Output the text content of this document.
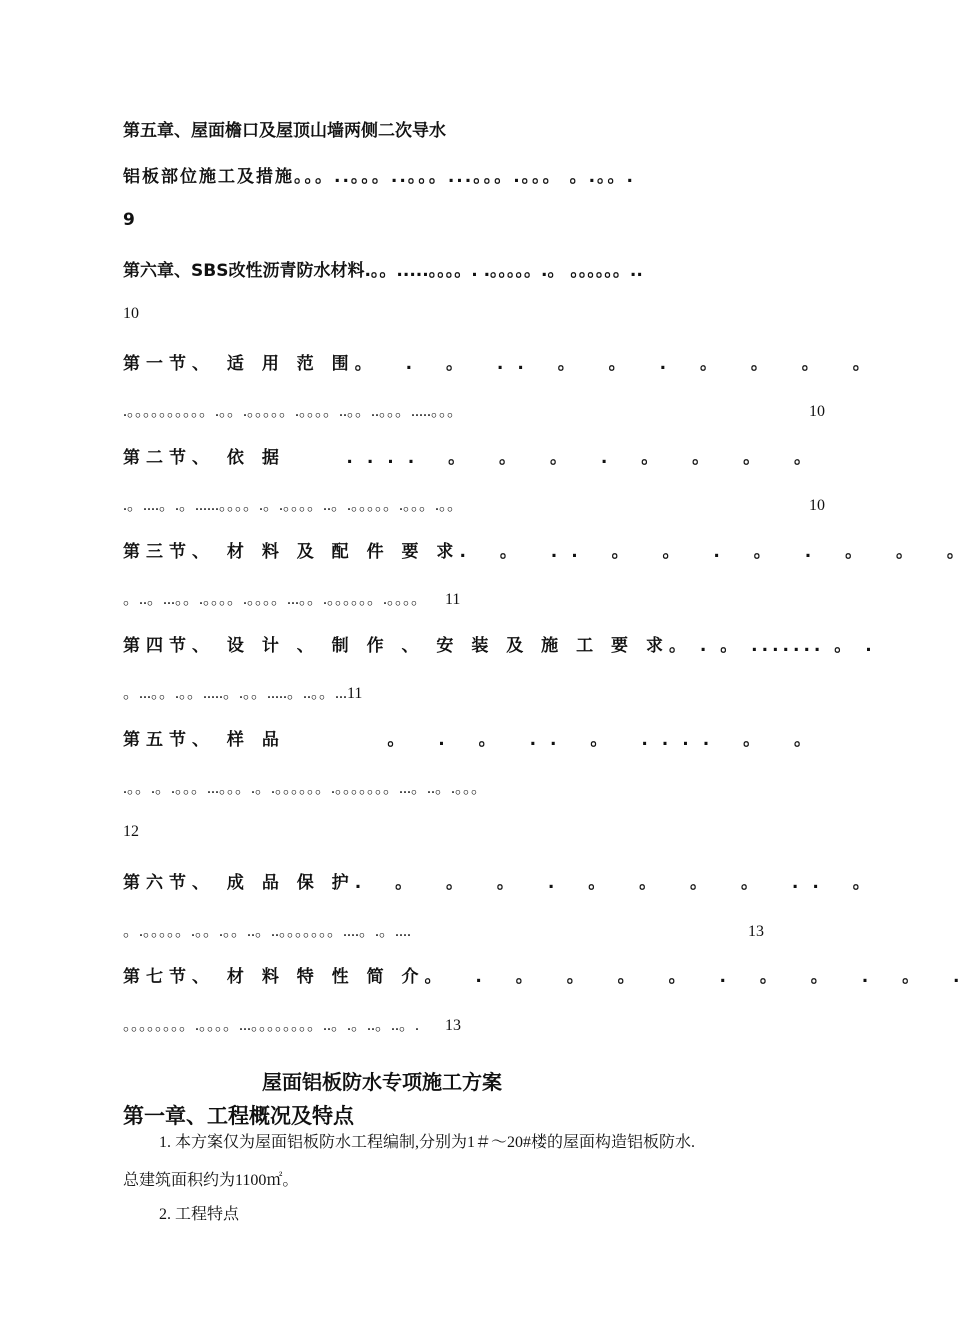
第五章、屋面檐口及屋顶山墙两侧二次导水
铝板部位施工及措施。。。..。。。..。。。...。。。.。。。 。.。。.
9
第六章、SBS改性沥青防水材料.。。.....。。。。. .。。。。。.。 。。。。。。..
10
第一节、 适 用 范 围 。 . 。 .. 。 。 . 。 。 。 。
.。。。。。。。。。。.。。.。。。。。.。。。。..。。..。。。.....。。。	10
第二节、 依 据	.... 。 。 。 . 。 。 。 。
.。....。.。......。。。。.。.。。。。..。.。。。。。.。。。.。。	10
第三节、 材 料 及 配 件 要 求 . 。 .. 。 。 . 。 . 。 。 。
。..。...。。.。。。。.。。。。...。。.。。。。。。.。。。。 11
第四节、 设 计 、 制 作 、 安 装 及 施 工 要 求 。 . 。 ....... 。 .
。...。。.。。.....。.。。.....。..。。...11
第五节、 样 品	。 . 。 .. 。 .... 。 。
.。。.。.。。。...。。。.。.。。。。。。.。。。。。。。...。..。.。。。
12
第六节、 成 品 保 护 . 。 。 。 . 。 。 。 。 .. 。
。.。。。。。.。。.。。..。..。。。。。。。....。.。....	13
第七节、 材 料 特 性 简 介 。 . 。 。 。 。 . 。 。 . 。 .
。。。。。。。。.。。。。...。。。。。。。。..。.。..。..。. 13
屋面铝板防水专项施工方案
第一章、工程概况及特点
1. 本方案仅为屋面铝板防水工程编制,分别为1＃～20#楼的屋面构造铝板防水.
总建筑面积约为1100㎡。
2. 工程特点
